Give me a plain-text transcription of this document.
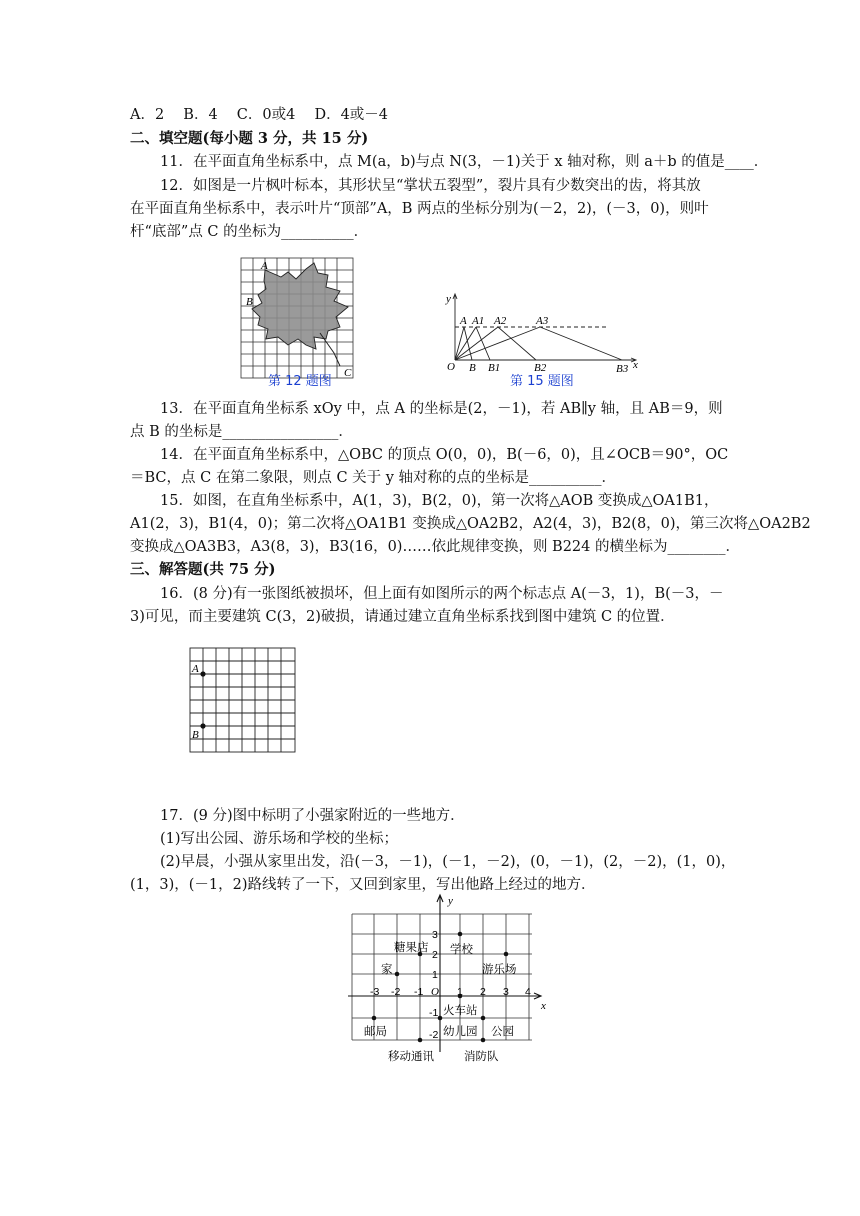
A．2　 B．4　 C．0或4　 D．4或－4
二、填空题(每小题 3 分，共 15 分)
11．在平面直角坐标系中，点 M(a，b)与点 N(3，－1)关于 x 轴对称，则 a＋b 的值是____．
12．如图是一片枫叶标本，其形状呈“掌状五裂型”，裂片具有少数突出的齿，将其放
在平面直角坐标系中，表示叶片“顶部”A，B 两点的坐标分别为(－2，2)，(－3，0)，则叶
杆“底部”点 C 的坐标为__________．
A
B
C
第 12 题图
y
x
O
A A1 A2	A3
B B1	B2	B3
第 15 题图
13．在平面直角坐标系 xOy 中，点 A 的坐标是(2，－1)，若 AB∥y 轴，且 AB＝9，则
点 B 的坐标是________________．
14．在平面直角坐标系中，△OBC 的顶点 O(0，0)，B(－6，0)，且∠OCB＝90°，OC
＝BC，点 C 在第二象限，则点 C 关于 y 轴对称的点的坐标是__________．
15．如图，在直角坐标系中，A(1，3)，B(2，0)，第一次将△AOB 变换成△OA1B1，
A1(2，3)，B1(4，0)；第二次将△OA1B1 变换成△OA2B2，A2(4，3)，B2(8，0)，第三次将△OA2B2
变换成△OA3B3，A3(8，3)，B3(16，0)……依此规律变换，则 B224 的横坐标为________．
三、解答题(共 75 分)
16．(8 分)有一张图纸被损坏，但上面有如图所示的两个标志点 A(－3，1)，B(－3，－
3)可见，而主要建筑 C(3，2)破损，请通过建立直角坐标系找到图中建筑 C 的位置．
A
B
17．(9 分)图中标明了小强家附近的一些地方．
(1)写出公园、游乐场和学校的坐标；
(2)早晨，小强从家里出发，沿(－3，－1)，(－1，－2)，(0，－1)，(2，－2)，(1，0)，
(1，3)，(－1，2)路线转了一下，又回到家里，写出他路上经过的地方．
y
x
O
-3 -2 -1	1 2 3 4
3
2
1
-1
-2
糖果店 学校
家	游乐场
火车站
邮局	幼儿园 公园
移动通讯	消防队
